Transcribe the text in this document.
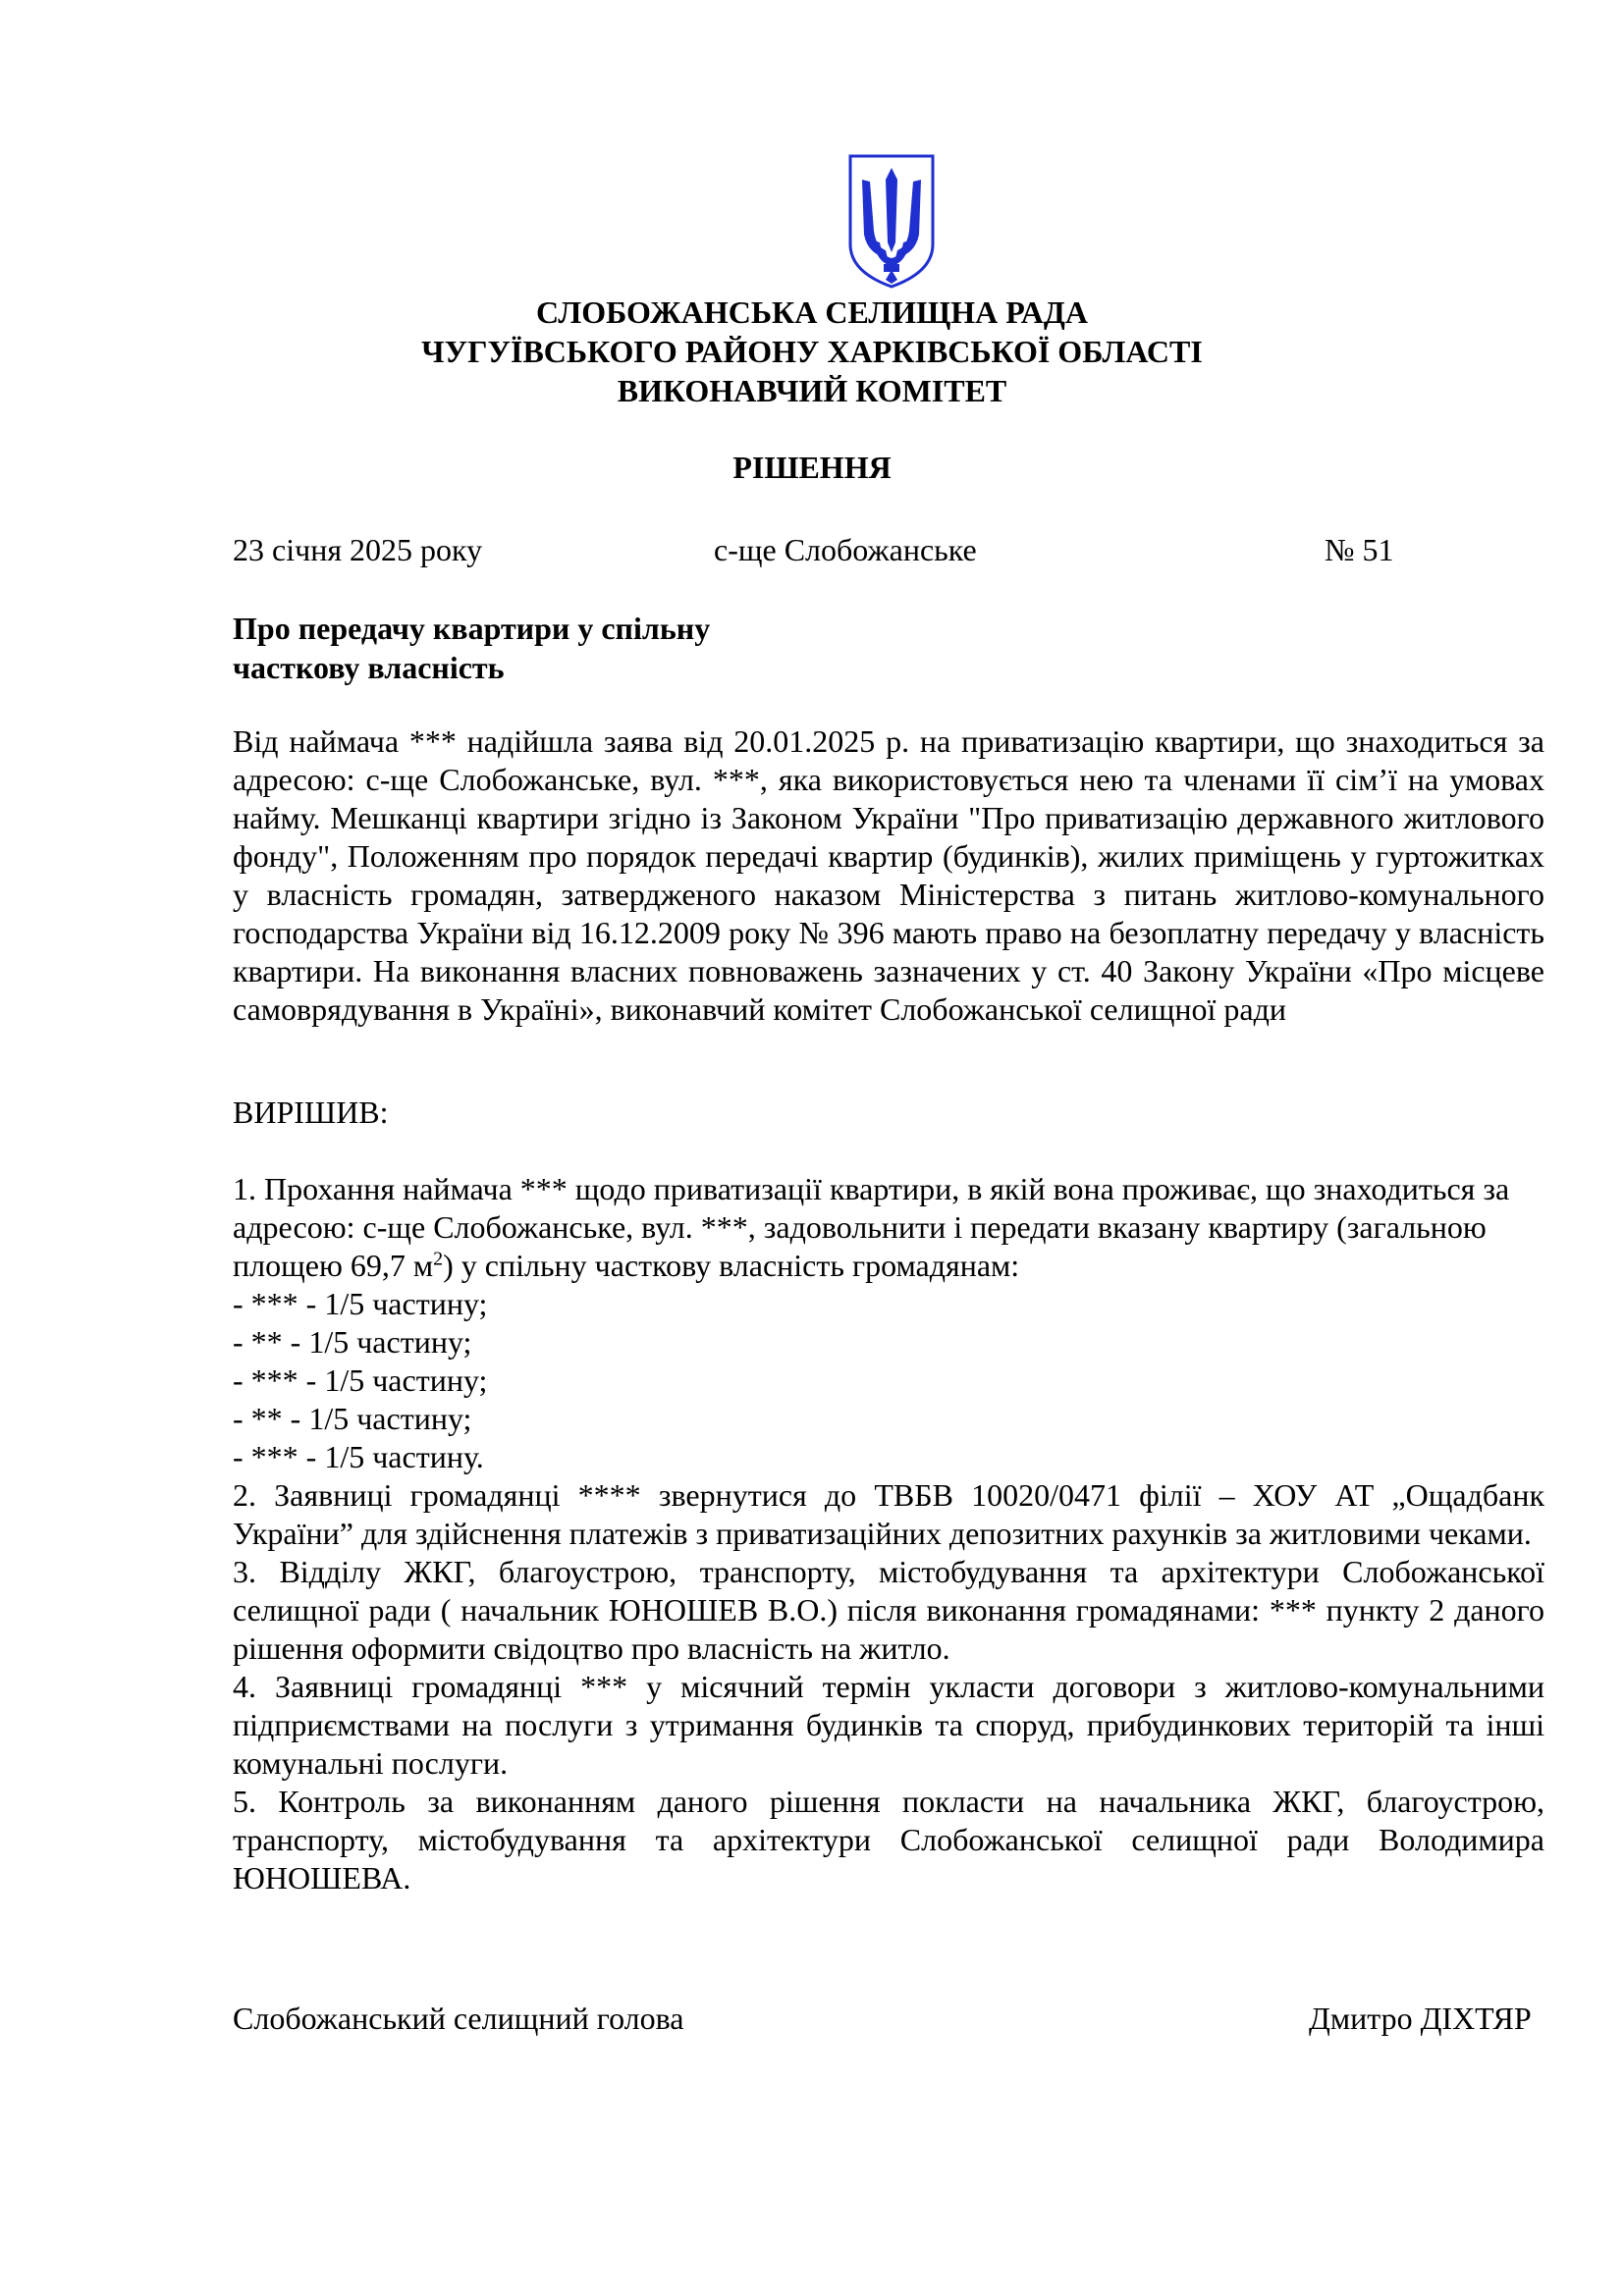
СЛОБОЖАНСЬКА СЕЛИЩНА РАДА
ЧУГУЇВСЬКОГО РАЙОНУ ХАРКІВСЬКОЇ ОБЛАСТІ
ВИКОНАВЧИЙ КОМІТЕТ
РІШЕННЯ
23 січня 2025 року	с-ще Слобожанське	№ 51
Про передачу квартири у спільну
часткову власність

Від наймача *** надійшла заява від 20.01.2025 р. на приватизацію квартири, що знаходиться за адресою: с-ще Слобожанське, вул. ***, яка використовується нею та членами її сім’ї на умовах найму. Мешканці квартири згідно із Законом України "Про приватизацію державного житлового фонду", Положенням про порядок передачі квартир (будинків), жилих приміщень у гуртожитках у власність громадян, затвердженого наказом Міністерства з питань житлово-комунального господарства України від 16.12.2009 року № 396 мають право на безоплатну передачу у власність квартири. На виконання власних повноважень зазначених у ст. 40 Закону України «Про місцеве самоврядування в Україні», виконавчий комітет Слобожанської селищної ради

ВИРІШИВ:

1. Прохання наймача *** щодо приватизації квартири, в якій вона проживає, що знаходиться за адресою: с-ще Слобожанське, вул. ***, задовольнити і передати вказану квартиру (загальною площею 69,7 $м^2$) у спільну часткову власність громадянам:

- *** - 1/5 частину;
- ** - 1/5 частину;
- *** - 1/5 частину;
- ** - 1/5 частину;
- *** - 1/5 частину.

2. Заявниці громадянці **** звернутися до ТВБВ 10020/0471 філії – ХОУ АТ „Ощадбанк України” для здійснення платежів з приватизаційних депозитних рахунків за житловими чеками.

3. Відділу ЖКГ, благоустрою, транспорту, містобудування та архітектури Слобожанської селищної ради ( начальник ЮНОШЕВ В.О.) після виконання громадянами: *** пункту 2 даного рішення оформити свідоцтво про власність на житло.

4. Заявниці громадянці *** у місячний термін укласти договори з житлово-комунальними підприємствами на послуги з утримання будинків та споруд, прибудинкових територій та інші комунальні послуги.

5. Контроль за виконанням даного рішення покласти на начальника ЖКГ, благоустрою, транспорту, містобудування та архітектури Слобожанської селищної ради Володимира ЮНОШЕВА.

Слобожанський селищний голова	Дмитро ДІХТЯР
